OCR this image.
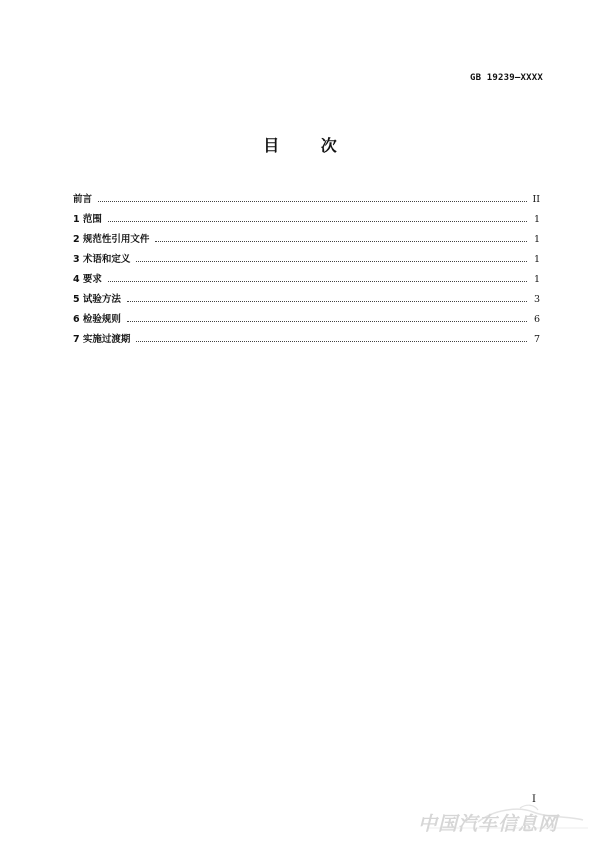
GB 19239—XXXX
目 次
前言	II
1 范围	1
2 规范性引用文件	1
3 术语和定义	1
4 要求	1
5 试验方法	3
6 检验规则	6
7 实施过渡期	7
I
中国汽车信息网
